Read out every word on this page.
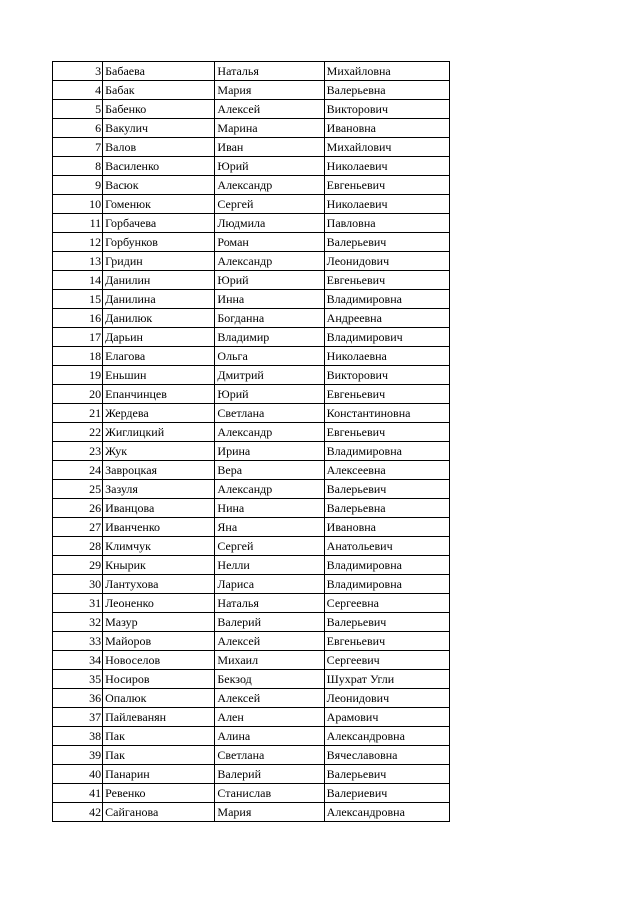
3	Бабаева	Наталья	Михайловна
4	Бабак	Мария	Валерьевна
5	Бабенко	Алексей	Викторович
6	Вакулич	Марина	Ивановна
7	Валов	Иван	Михайлович
8	Василенко	Юрий	Николаевич
9	Васюк	Александр	Евгеньевич
10	Гоменюк	Сергей	Николаевич
11	Горбачева	Людмила	Павловна
12	Горбунков	Роман	Валерьевич
13	Гридин	Александр	Леонидович
14	Данилин	Юрий	Евгеньевич
15	Данилина	Инна	Владимировна
16	Данилюк	Богданна	Андреевна
17	Дарьин	Владимир	Владимирович
18	Елагова	Ольга	Николаевна
19	Еньшин	Дмитрий	Викторович
20	Епанчинцев	Юрий	Евгеньевич
21	Жердева	Светлана	Константиновна
22	Жиглицкий	Александр	Евгеньевич
23	Жук	Ирина	Владимировна
24	Заврoцкая	Вера	Алексеевна
25	Зазуля	Александр	Валерьевич
26	Иванцова	Нина	Валерьевна
27	Иванченко	Яна	Ивановна
28	Климчук	Сергей	Анатольевич
29	Кнырик	Нелли	Владимировна
30	Лантухова	Лариса	Владимировна
31	Леоненко	Наталья	Сергеевна
32	Мазур	Валерий	Валерьевич
33	Майоров	Алексей	Евгеньевич
34	Новоселов	Михаил	Сергеевич
35	Носиров	Бекзод	Шухрат Угли
36	Опалюк	Алексей	Леонидович
37	Пайлеванян	Ален	Арамович
38	Пак	Алина	Александровна
39	Пак	Светлана	Вячеславовна
40	Панарин	Валерий	Валерьевич
41	Ревенко	Станислав	Валериевич
42	Сайганова	Мария	Александровна
